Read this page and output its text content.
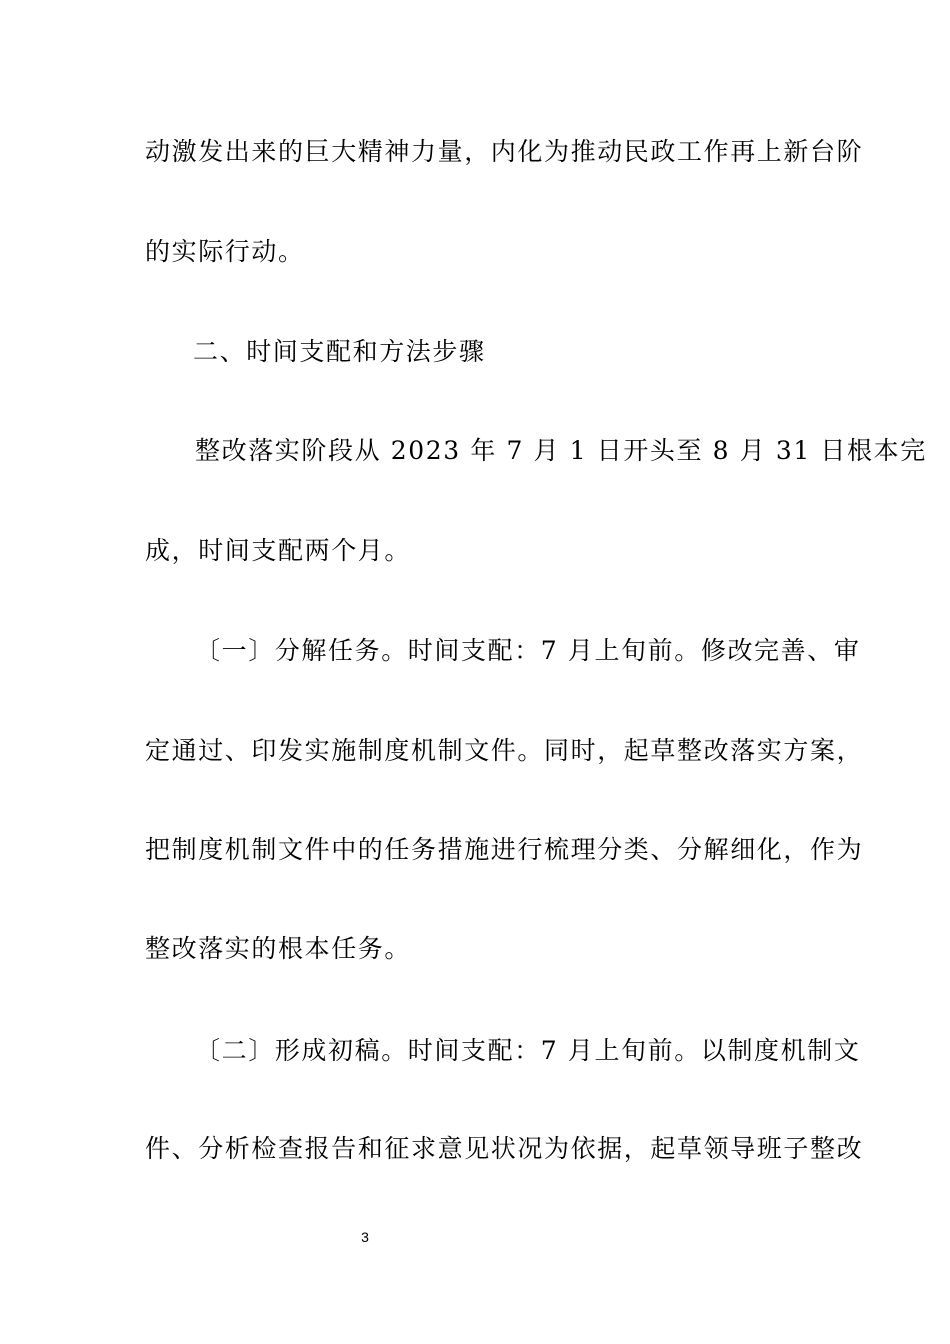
动激发出来的巨大精神力量，内化为推动民政工作再上新台阶
的实际行动。
二、时间支配和方法步骤
整改落实阶段从 2023 年 7 月 1 日开头至 8 月 31 日根本完
成，时间支配两个月。
〔一〕分解任务。时间支配：7 月上旬前。修改完善、审
定通过、印发实施制度机制文件。同时，起草整改落实方案，
把制度机制文件中的任务措施进行梳理分类、分解细化，作为
整改落实的根本任务。
〔二〕形成初稿。时间支配：7 月上旬前。以制度机制文
件、分析检查报告和征求意见状况为依据，起草领导班子整改
3
